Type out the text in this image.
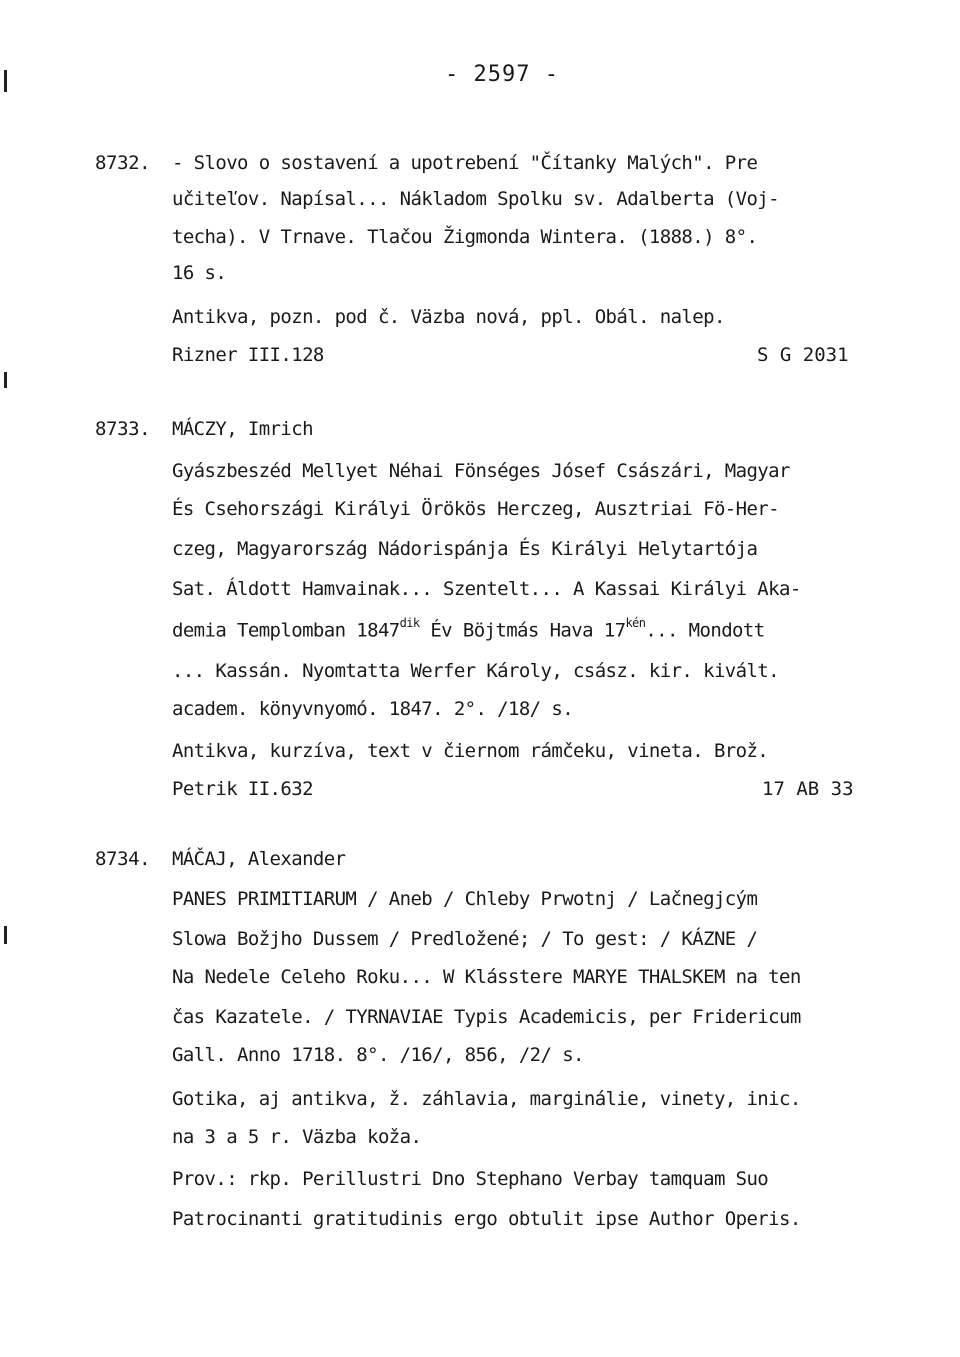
- 2597 -
8732. - Slovo o sostavení a upotrebení "Čítanky Malých". Pre
učiteľov. Napísal... Nákladom Spolku sv. Adalberta (Voj-
techa). V Trnave. Tlačou Žigmonda Wintera. (1888.) 8°.
16 s.
Antikva, pozn. pod č. Väzba nová, ppl. Obál. nalep.
Rizner III.128	S G 2031
8733. MÁCZY, Imrich
Gyászbeszéd Mellyet Néhai Fönséges Jósef Császári, Magyar
És Csehországi Királyi Örökös Herczeg, Ausztriai Fö-Her-
czeg, Magyarország Nádorispánja És Királyi Helytartója
Sat. Áldott Hamvainak... Szentelt... A Kassai Királyi Aka-
demia Templomban $1847^{dik}$ Év Böjtmás Hava $17^{kén}$... Mondott
... Kassán. Nyomtatta Werfer Károly, csász. kir. kivált.
academ. könyvnyomó. 1847. 2°. /18/ s.
Antikva, kurzíva, text v čiernom rámčeku, vineta. Brož.
Petrik II.632	17 AB 33
8734. MÁČAJ, Alexander
PANES PRIMITIARUM / Aneb / Chleby Prwotnj / Lačnegjcým
Slowa Božjho Dussem / Predložené; / To gest: / KÁZNE /
Na Nedele Celeho Roku... W Klásstere MARYE THALSKEM na ten
čas Kazatele. / TYRNAVIAE Typis Academicis, per Fridericum
Gall. Anno 1718. 8°. /16/, 856, /2/ s.
Gotika, aj antikva, ž. záhlavia, marginálie, vinety, inic.
na 3 a 5 r. Väzba koža.
Prov.: rkp. Perillustri Dno Stephano Verbay tamquam Suo
Patrocinanti gratitudinis ergo obtulit ipse Author Operis.
